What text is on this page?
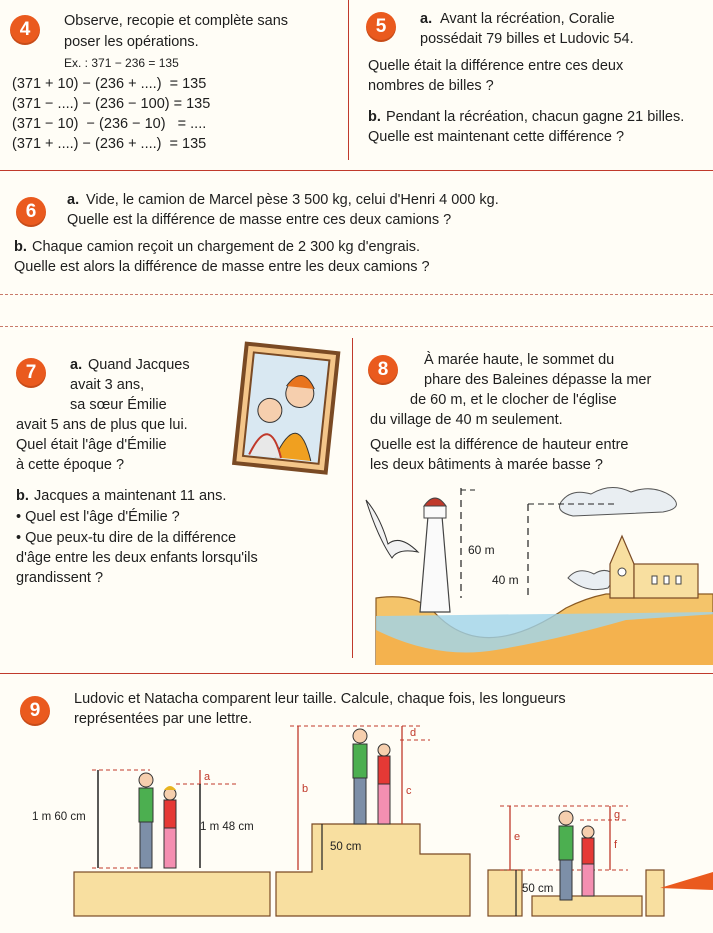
4	Observe, recopie et complète sans
poser les opérations.
Ex. : 371 − 236 = 135
(371 + 10) − (236 + ....)  = 135
(371 − ....) − (236 − 100) = 135
(371 − 10)  − (236 − 10)   = ....
(371 + ....) − (236 + ....)  = 135
5	a. Avant la récréation, Coralie
possédait 79 billes et Ludovic 54.
Quelle était la différence entre ces deux
nombres de billes ?
b. Pendant la récréation, chacun gagne 21 billes.
Quelle est maintenant cette différence ?
6
a. Vide, le camion de Marcel pèse 3 500 kg, celui d'Henri 4 000 kg.
Quelle est la différence de masse entre ces deux camions ?
b. Chaque camion reçoit un chargement de 2 300 kg d'engrais.
Quelle est alors la différence de masse entre les deux camions ?
7	a. Quand Jacques
avait 3 ans,
sa sœur Émilie
avait 5 ans de plus que lui.
Quel était l'âge d'Émilie
à cette époque ?
b. Jacques a maintenant 11 ans.
• Quel est l'âge d'Émilie ?
• Que peux-tu dire de la différence
d'âge entre les deux enfants lorsqu'ils
grandissent ?
8	À marée haute, le sommet du
phare des Baleines dépasse la mer
de 60 m, et le clocher de l'église
du village de 40 m seulement.
Quelle est la différence de hauteur entre
les deux bâtiments à marée basse ?
60 m
40 m
9
Ludovic et Natacha comparent leur taille. Calcule, chaque fois, les longueurs
représentées par une lettre.
1 m 60 cm
1 m 48 cm
a
b	c
d
50 cm
e
f
g
50 cm
